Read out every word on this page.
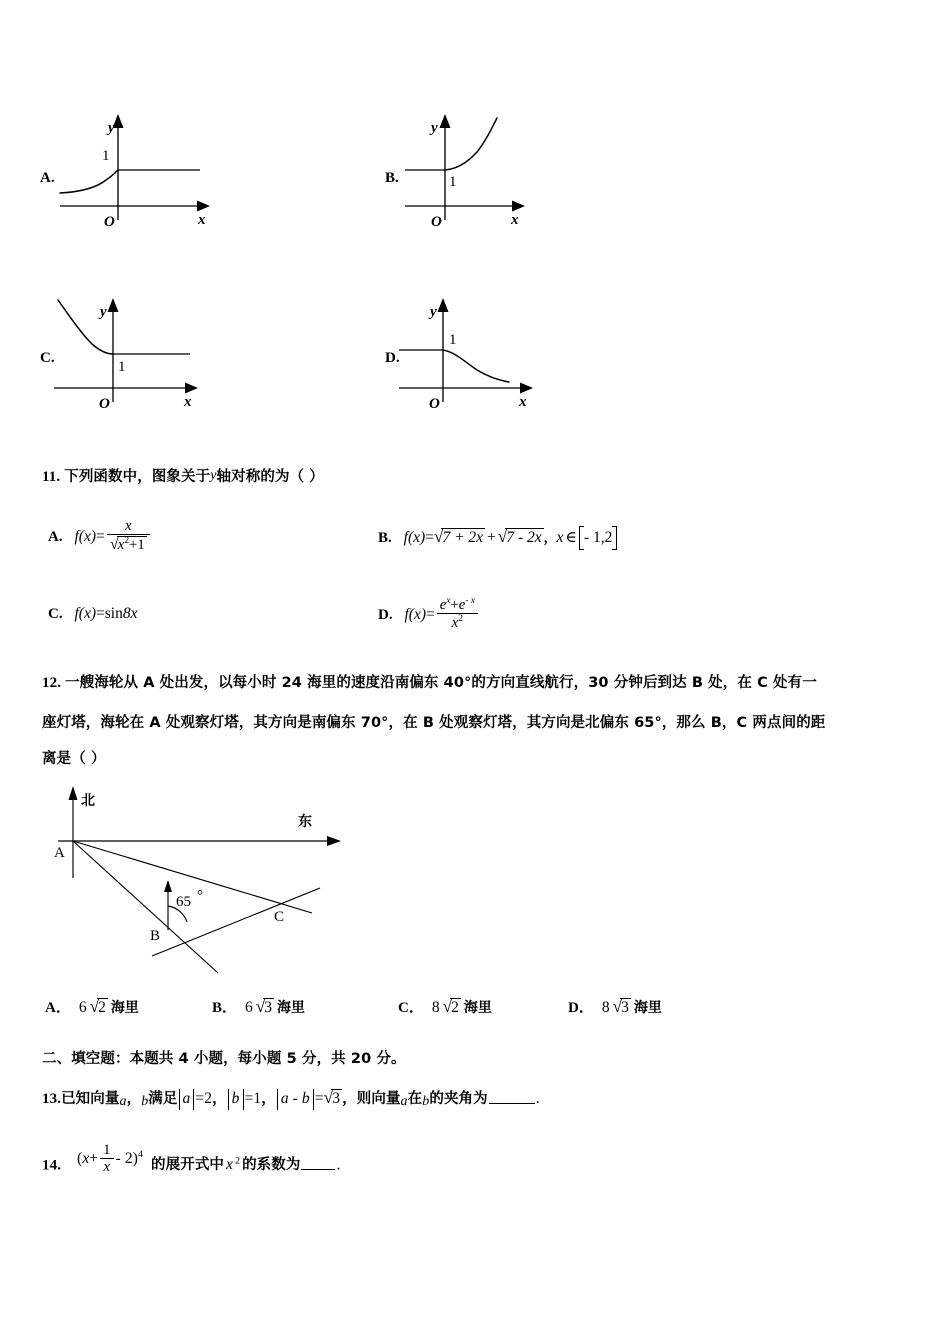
A.
1
O
y
x
B.	1
O
y
x
C.
1
O
y
x
D.
1
O
y
x
11. 下列函数中，图象关于y轴对称的为（ ）
A. $f(x)= \frac{x}{√x^2+1}$	B. f(x)=√7 + 2x + √7 - 2x ，x ∈ - 1,2
C. f(x)=sin8x	D. $f(x)= \frac{e^x+e^{- x}}{x^2}$
12. 一艘海轮从 A 处出发，以每小时 24 海里的速度沿南偏东 40°的方向直线航行，30 分钟后到达 B 处，在 C 处有一
座灯塔，海轮在 A 处观察灯塔，其方向是南偏东 70°，在 B 处观察灯塔，其方向是北偏东 65°，那么 B，C 两点间的距
离是（ ）
北
东
A
B
65 °
C
A． 6 √2 海里	B． 6 √3 海里	C． 8 √2 海里	D． 8 √3 海里
二、填空题：本题共 4 小题，每小题 5 分，共 20 分。
13.已知向量a，b满足 a =2， b =1， a - b =√3 ，则向量a在b的夹角为	.
14. $(x+ \frac{1}{x} - 2)^4$ 的展开式中 x $^2$ 的系数为 .
